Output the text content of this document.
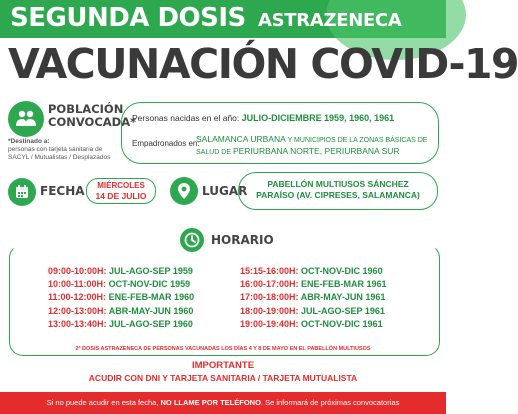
SEGUNDA DOSIS ASTRAZENECA
VACUNACIÓN COVID-19
POBLACIÓN CONVOCADA*
*Destinado a:
personas con tarjeta sanitaria de SACYL / Mutualistas / Desplazados
Personas nacidas en el año: JULIO-DICIEMBRE 1959, 1960, 1961
Empadronados en:
SALAMANCA URBANA Y MUNICIPIOS DE LA ZONAS BÁSICAS DE SALUD DE PERIURBANA NORTE, PERIURBANA SUR
FECHA	MIÉRCOLES
14 DE JULIO	LUGAR	PABELLÓN MULTIUSOS SÁNCHEZ
PARAÍSO (AV. CIPRESES, SALAMANCA)
HORARIO
09:00-10:00H: JUL-AGO-SEP 1959
10:00-11:00H: OCT-NOV-DIC 1959
11:00-12:00H: ENE-FEB-MAR 1960
12:00-13:00H: ABR-MAY-JUN 1960
13:00-13:40H: JUL-AGO-SEP 1960
15:15-16:00H: OCT-NOV-DIC 1960
16:00-17:00H: ENE-FEB-MAR 1961
17:00-18:00H: ABR-MAY-JUN 1961
18:00-19:00H: JUL-AGO-SEP 1961
19:00-19:40H: OCT-NOV-DIC 1961
2ª DOSIS ASTRAZENECA DE PERSONAS VACUNADAS LOS DÍAS 4 Y 8 DE MAYO EN EL PABELLÓN MULTIUSOS
IMPORTANTE
ACUDIR CON DNI Y TARJETA SANITARIA / TARJETA MUTUALISTA
Si no puede acudir en esta fecha, NO LLAME POR TELÉFONO. Se informará de próximas convocatorias
